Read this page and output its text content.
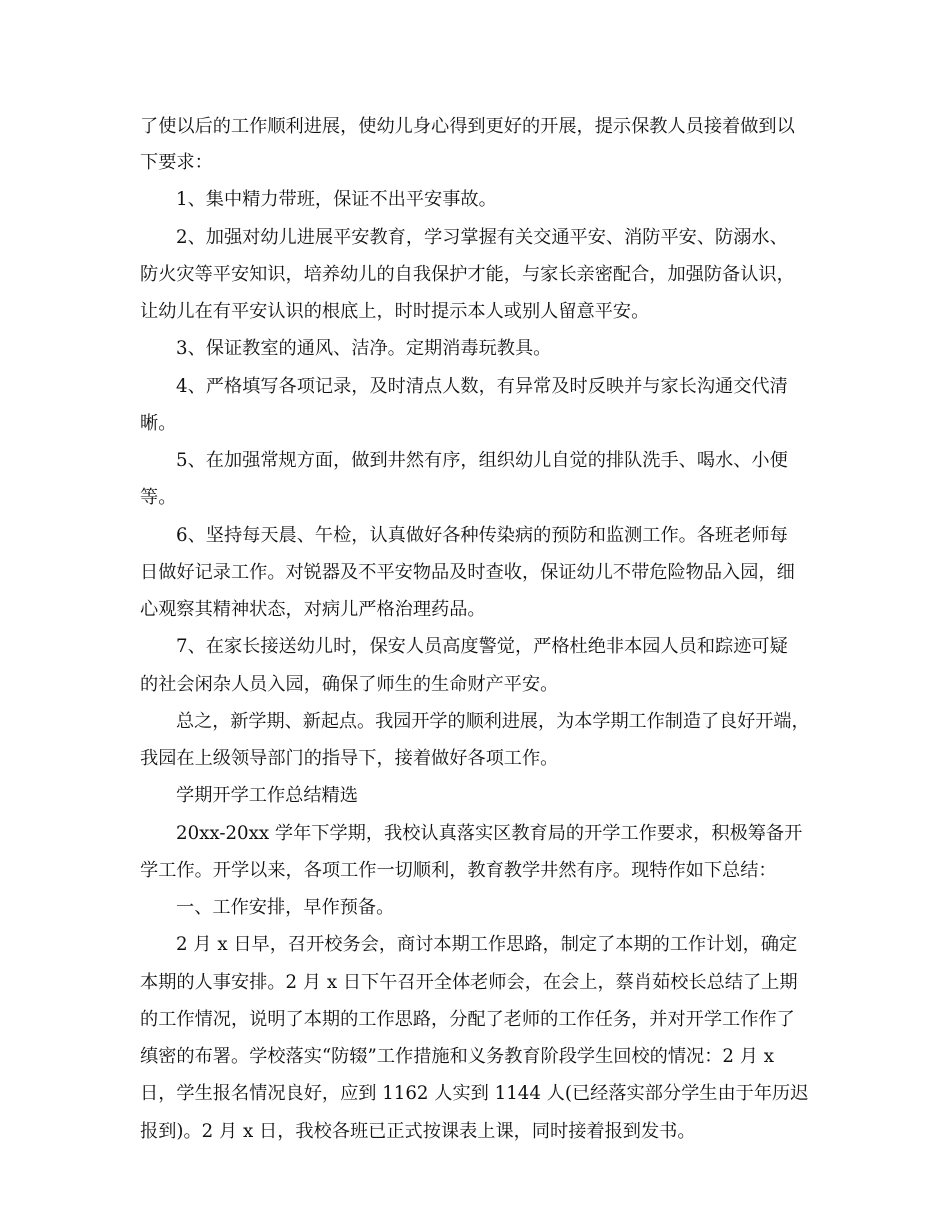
了使以后的工作顺利进展，使幼儿身心得到更好的开展，提示保教人员接着做到以
下要求：
1、集中精力带班，保证不出平安事故。
2、加强对幼儿进展平安教育，学习掌握有关交通平安、消防平安、防溺水、
防火灾等平安知识，培养幼儿的自我保护才能，与家长亲密配合，加强防备认识，
让幼儿在有平安认识的根底上，时时提示本人或别人留意平安。
3、保证教室的通风、洁净。定期消毒玩教具。
4、严格填写各项记录，及时清点人数，有异常及时反映并与家长沟通交代清
晰。
5、在加强常规方面，做到井然有序，组织幼儿自觉的排队洗手、喝水、小便
等。
6、坚持每天晨、午检，认真做好各种传染病的预防和监测工作。各班老师每
日做好记录工作。对锐器及不平安物品及时查收，保证幼儿不带危险物品入园，细
心观察其精神状态，对病儿严格治理药品。
7、在家长接送幼儿时，保安人员高度警觉，严格杜绝非本园人员和踪迹可疑
的社会闲杂人员入园，确保了师生的生命财产平安。
总之，新学期、新起点。我园开学的顺利进展，为本学期工作制造了良好开端，
我园在上级领导部门的指导下，接着做好各项工作。
学期开学工作总结精选
20xx-20xx 学年下学期，我校认真落实区教育局的开学工作要求，积极筹备开
学工作。开学以来，各项工作一切顺利，教育教学井然有序。现特作如下总结：
一、工作安排，早作预备。
2 月 x 日早，召开校务会，商讨本期工作思路，制定了本期的工作计划，确定
本期的人事安排。2 月 x 日下午召开全体老师会，在会上，蔡肖茹校长总结了上期
的工作情况，说明了本期的工作思路，分配了老师的工作任务，并对开学工作作了
缜密的布署。学校落实“防辍”工作措施和义务教育阶段学生回校的情况：2 月 x
日，学生报名情况良好，应到 1162 人实到 1144 人(已经落实部分学生由于年历迟
报到)。2 月 x 日，我校各班已正式按课表上课，同时接着报到发书。
